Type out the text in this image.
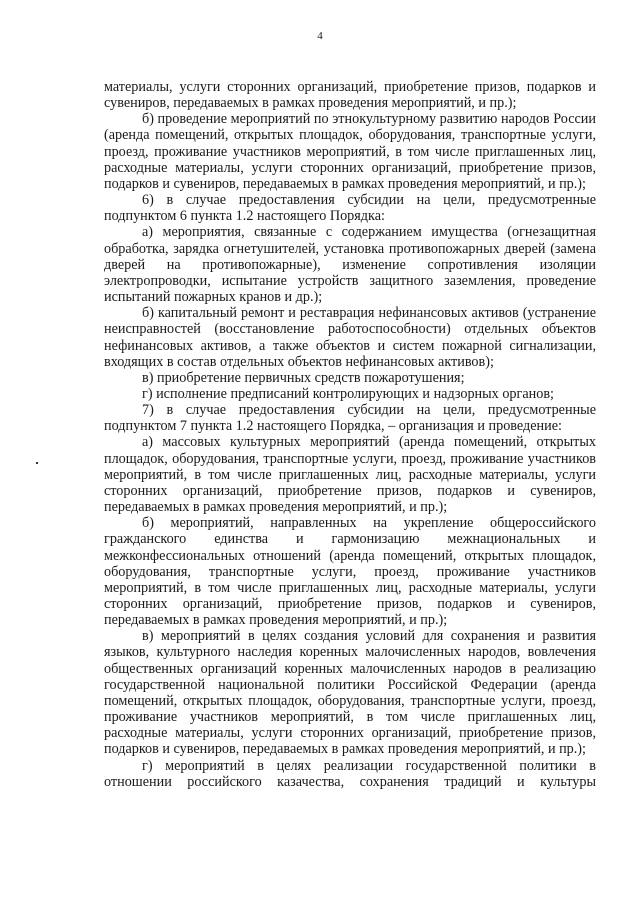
4

материалы, услуги сторонних организаций, приобретение призов, подарков и сувениров, передаваемых в рамках проведения мероприятий, и пр.);

б) проведение мероприятий по этнокультурному развитию народов России (аренда помещений, открытых площадок, оборудования, транспортные услуги, проезд, проживание участников мероприятий, в том числе приглашенных лиц, расходные материалы, услуги сторонних организаций, приобретение призов, подарков и сувениров, передаваемых в рамках проведения мероприятий, и пр.);

6) в случае предоставления субсидии на цели, предусмотренные подпунктом 6 пункта 1.2 настоящего Порядка:

а) мероприятия, связанные с содержанием имущества (огнезащитная обработка, зарядка огнетушителей, установка противопожарных дверей (замена дверей на противопожарные), изменение сопротивления изоляции электропроводки, испытание устройств защитного заземления, проведение испытаний пожарных кранов и др.);

б) капитальный ремонт и реставрация нефинансовых активов (устранение неисправностей (восстановление работоспособности) отдельных объектов нефинансовых активов, а также объектов и систем пожарной сигнализации, входящих в состав отдельных объектов нефинансовых активов);

в) приобретение первичных средств пожаротушения;

г) исполнение предписаний контролирующих и надзорных органов;

7) в случае предоставления субсидии на цели, предусмотренные подпунктом 7 пункта 1.2 настоящего Порядка, – организация и проведение:

а) массовых культурных мероприятий (аренда помещений, открытых площадок, оборудования, транспортные услуги, проезд, проживание участников мероприятий, в том числе приглашенных лиц, расходные материалы, услуги сторонних организаций, приобретение призов, подарков и сувениров, передаваемых в рамках проведения мероприятий, и пр.);

б) мероприятий, направленных на укрепление общероссийского гражданского единства и гармонизацию межнациональных и межконфессиональных отношений (аренда помещений, открытых площадок, оборудования, транспортные услуги, проезд, проживание участников мероприятий, в том числе приглашенных лиц, расходные материалы, услуги сторонних организаций, приобретение призов, подарков и сувениров, передаваемых в рамках проведения мероприятий, и пр.);

в) мероприятий в целях создания условий для сохранения и развития языков, культурного наследия коренных малочисленных народов, вовлечения общественных организаций коренных малочисленных народов в реализацию государственной национальной политики Российской Федерации (аренда помещений, открытых площадок, оборудования, транспортные услуги, проезд, проживание участников мероприятий, в том числе приглашенных лиц, расходные материалы, услуги сторонних организаций, приобретение призов, подарков и сувениров, передаваемых в рамках проведения мероприятий, и пр.);

г) мероприятий в целях реализации государственной политики в отношении российского казачества, сохранения традиций и культуры
